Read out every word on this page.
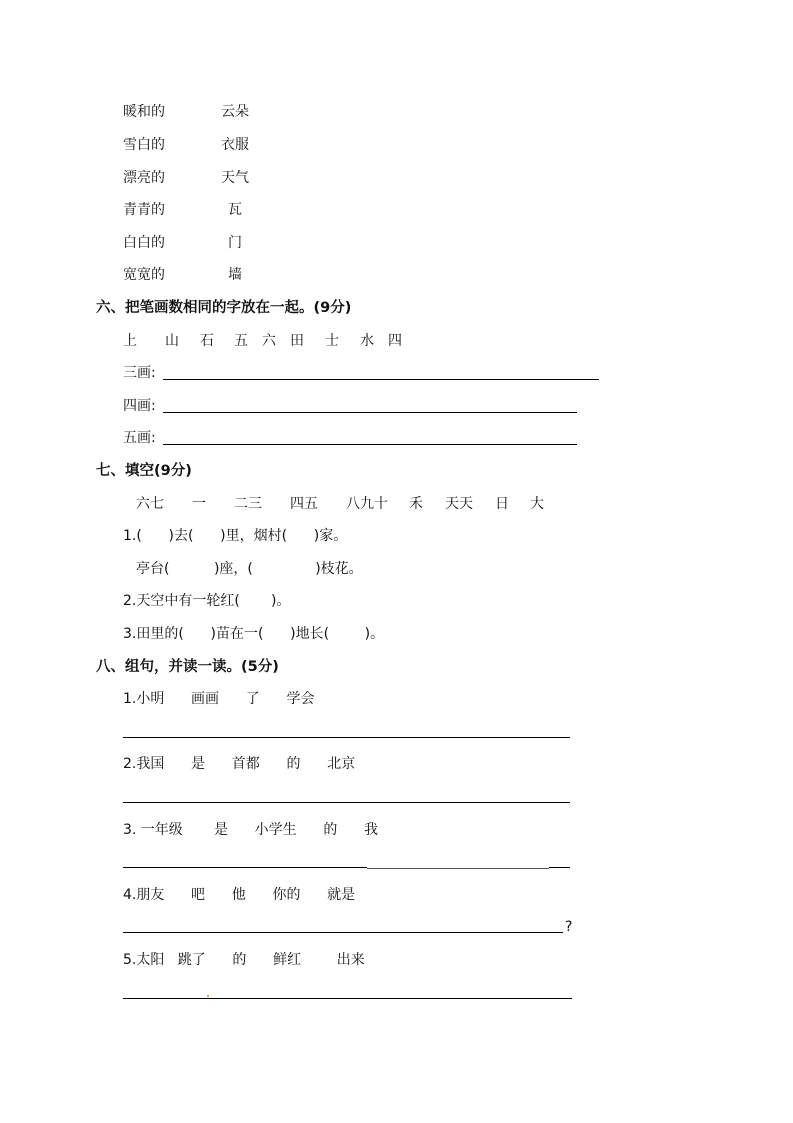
暖和的	云朵
雪白的	衣服
漂亮的	天气
青青的	瓦
白白的	门
宽宽的	墙
六、把笔画数相同的字放在一起。(9分)
上 山 石 五 六 田 士 水 四
三画:
四画:
五画:
七、填空(9分)
六七 一 二三 四五 八九十 禾 天天 日 大
1.(      )去(      )里，烟村(      )家。
亭台(          )座，(              )枝花。
2.天空中有一轮红(       )。
3.田里的(      )苗在一(      )地长(        )。
八、组句，并读一读。(5分)
1.小明      画画      了      学会
2.我国      是      首都      的      北京
3. 一年级       是      小学生      的      我
4.朋友      吧      他      你的      就是
?
5.太阳   跳了      的      鲜红        出来
